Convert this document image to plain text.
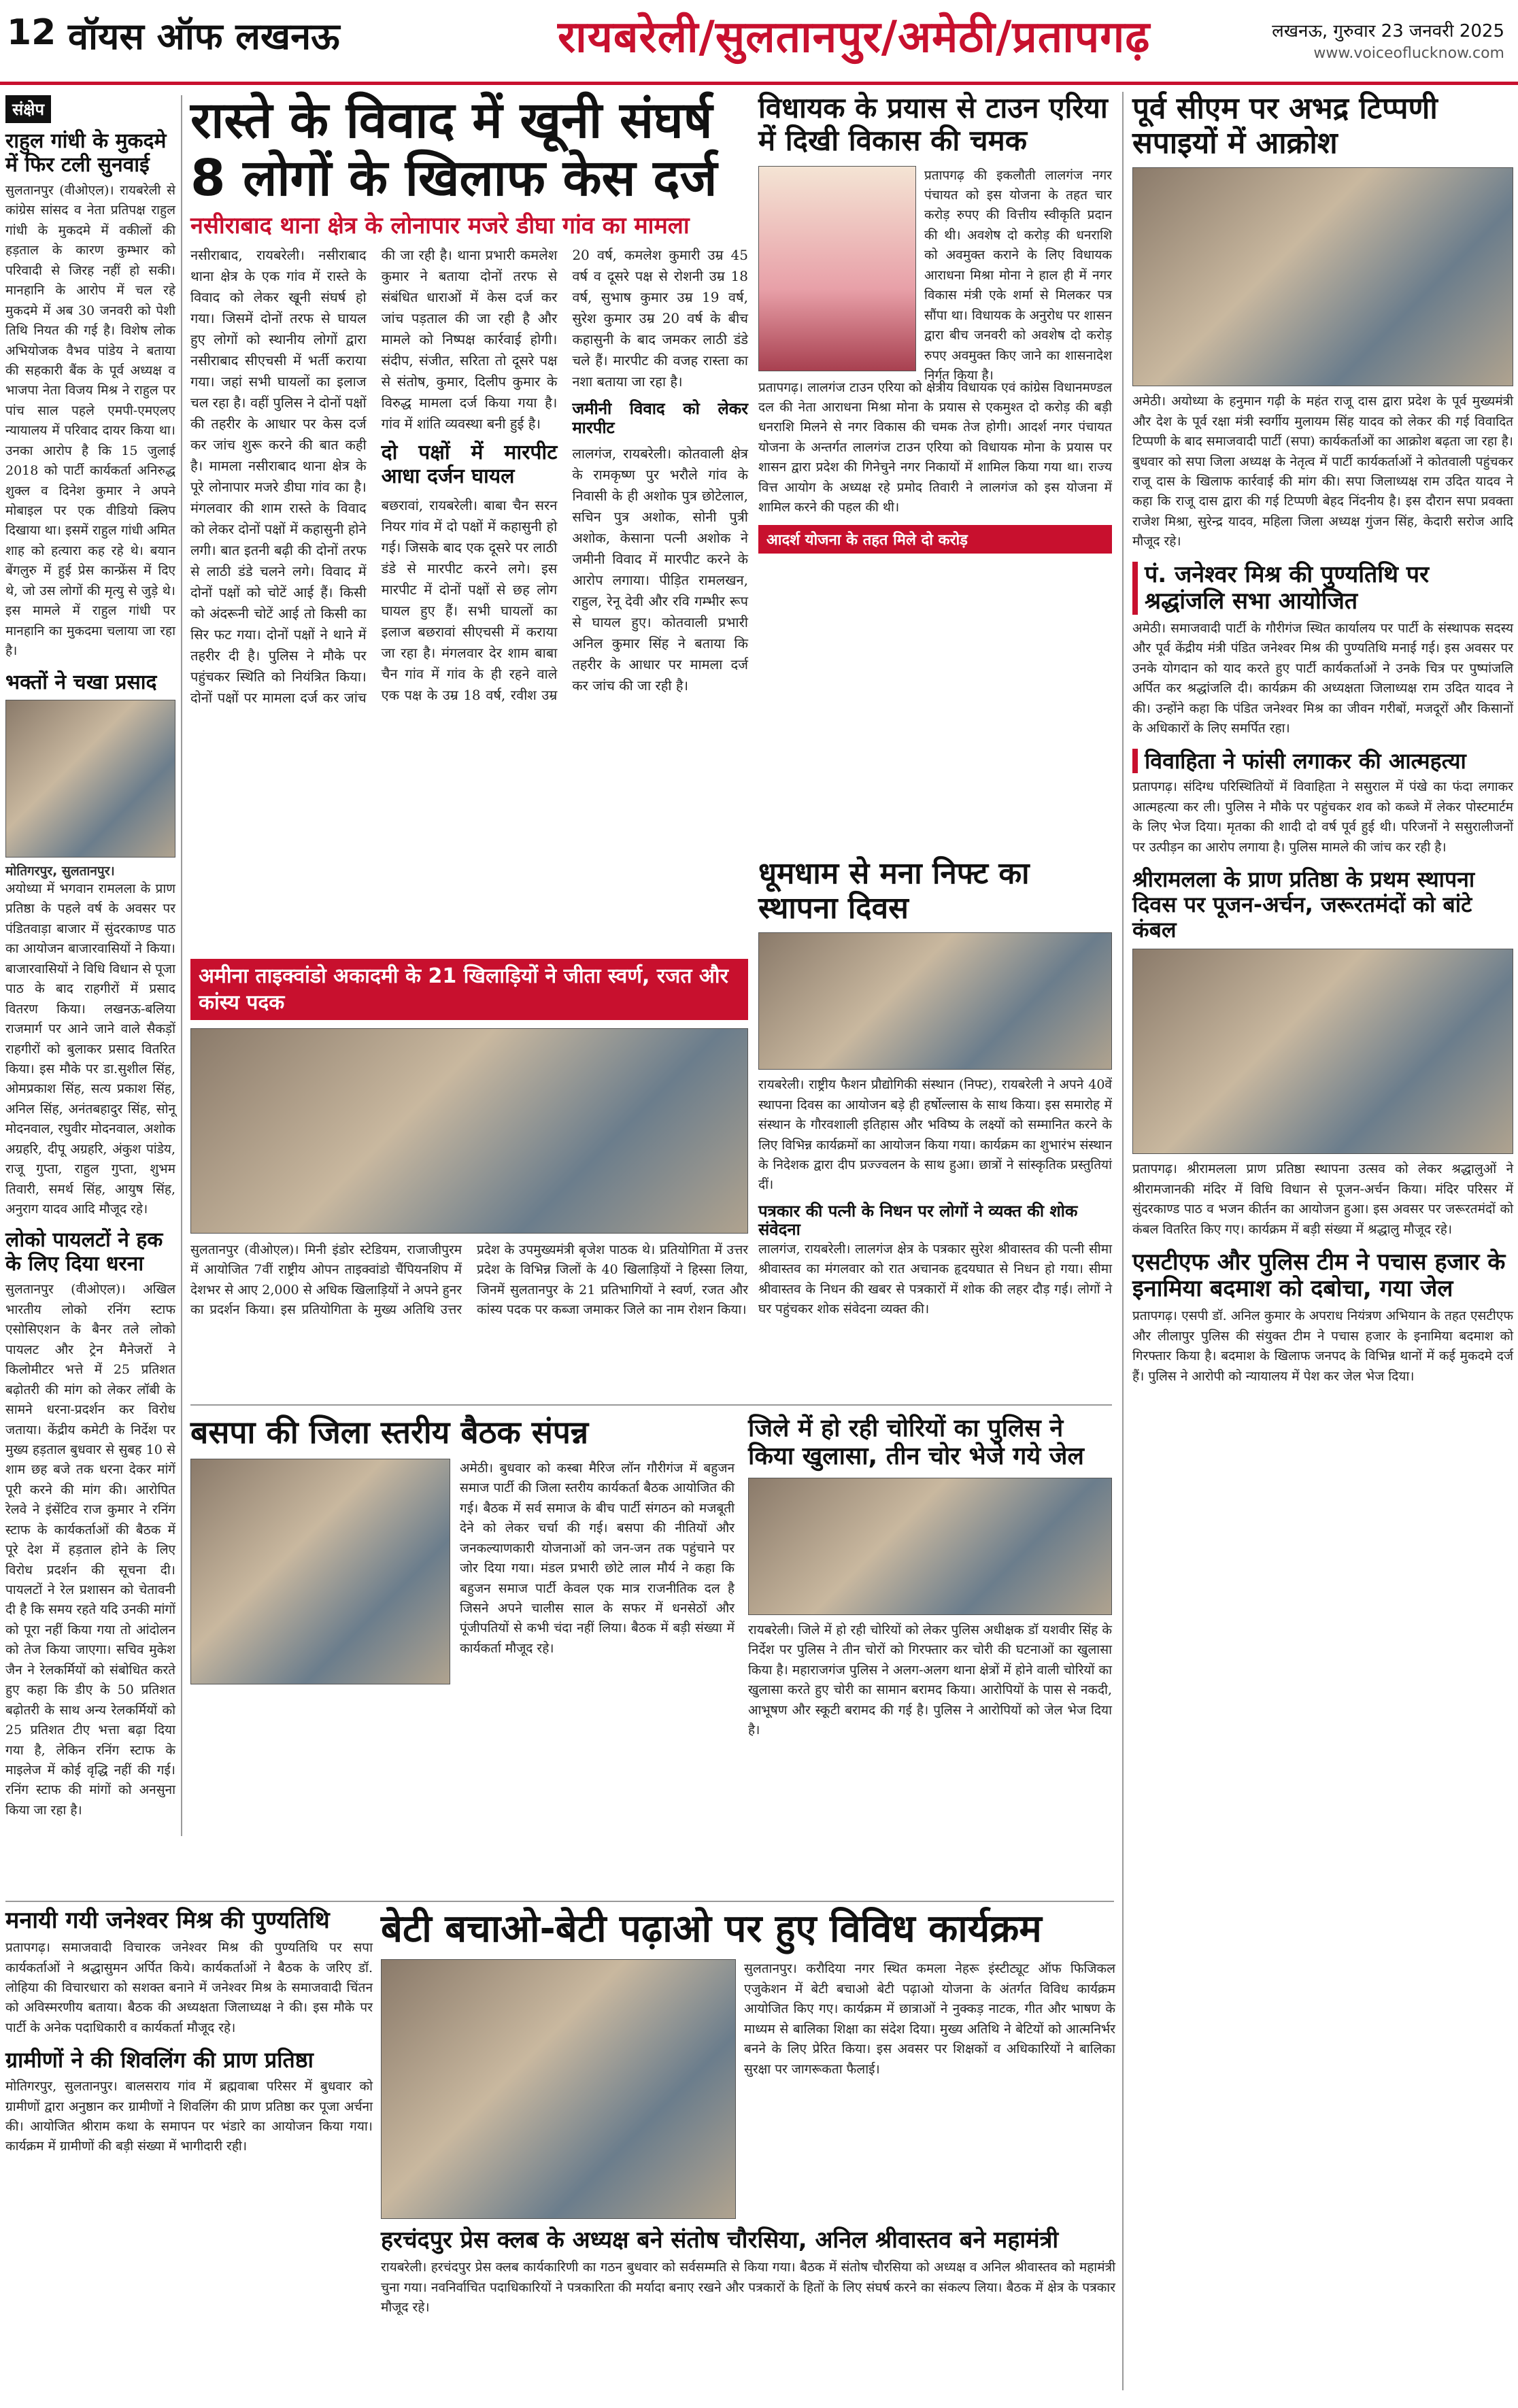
12 वॉयस ऑफ लखनऊ	रायबरेली/सुलतानपुर/अमेठी/प्रतापगढ़	लखनऊ, गुरुवार 23 जनवरी 2025
www.voiceoflucknow.com
संक्षेप
राहुल गांधी के मुकदमे में फिर टली सुनवाई
सुलतानपुर (वीओएल)। रायबरेली से कांग्रेस सांसद व नेता प्रतिपक्ष राहुल गांधी के मुकदमे में वकीलों की हड़ताल के कारण कुम्भार को परिवादी से जिरह नहीं हो सकी। मानहानि के आरोप में चल रहे मुकदमे में अब 30 जनवरी को पेशी तिथि नियत की गई है। विशेष लोक अभियोजक वैभव पांडेय ने बताया की सहकारी बैंक के पूर्व अध्यक्ष व भाजपा नेता विजय मिश्र ने राहुल पर पांच साल पहले एमपी-एमएलए न्यायालय में परिवाद दायर किया था। उनका आरोप है कि 15 जुलाई 2018 को पार्टी कार्यकर्ता अनिरुद्ध शुक्ल व दिनेश कुमार ने अपने मोबाइल पर एक वीडियो क्लिप दिखाया था। इसमें राहुल गांधी अमित शाह को हत्यारा कह रहे थे। बयान बेंगलुरु में हुई प्रेस कान्फ्रेंस में दिए थे, जो उस लोगों की मृत्यु से जुड़े थे। इस मामले में राहुल गांधी पर मानहानि का मुकदमा चलाया जा रहा है।
भक्तों ने चखा प्रसाद
मोतिगरपुर, सुलतानपुर।
अयोध्या में भगवान रामलला के प्राण प्रतिष्ठा के पहले वर्ष के अवसर पर पंडितवाड़ा बाजार में सुंदरकाण्ड पाठ का आयोजन बाजारवासियों ने किया। बाजारवासियों ने विधि विधान से पूजा पाठ के बाद राहगीरों में प्रसाद वितरण किया। लखनऊ-बलिया राजमार्ग पर आने जाने वाले सैकड़ों राहगीरों को बुलाकर प्रसाद वितरित किया। इस मौके पर डा.सुशील सिंह, ओमप्रकाश सिंह, सत्य प्रकाश सिंह, अनिल सिंह, अनंतबहादुर सिंह, सोनू मोदनवाल, रघुवीर मोदनवाल, अशोक अग्रहरि, दीपू अग्रहरि, अंकुश पांडेय, राजू गुप्ता, राहुल गुप्ता, शुभम तिवारी, समर्थ सिंह, आयुष सिंह, अनुराग यादव आदि मौजूद रहे।
लोको पायलटों ने हक के लिए दिया धरना
सुलतानपुर (वीओएल)। अखिल भारतीय लोको रनिंग स्टाफ एसोसिएशन के बैनर तले लोको पायलट और ट्रेन मैनेजरों ने किलोमीटर भत्ते में 25 प्रतिशत बढ़ोतरी की मांग को लेकर लॉबी के सामने धरना-प्रदर्शन कर विरोध जताया। केंद्रीय कमेटी के निर्देश पर मुख्य हड़ताल बुधवार से सुबह 10 से शाम छह बजे तक धरना देकर मांगें पूरी करने की मांग की। आरोपित रेलवे ने इंसेंटिव राज कुमार ने रनिंग स्टाफ के कार्यकर्ताओं की बैठक में पूरे देश में हड़ताल होने के लिए विरोध प्रदर्शन की सूचना दी। पायलटों ने रेल प्रशासन को चेतावनी दी है कि समय रहते यदि उनकी मांगों को पूरा नहीं किया गया तो आंदोलन को तेज किया जाएगा। सचिव मुकेश जैन ने रेलकर्मियों को संबोधित करते हुए कहा कि डीए के 50 प्रतिशत बढ़ोतरी के साथ अन्य रेलकर्मियों को 25 प्रतिशत टीए भत्ता बढ़ा दिया गया है, लेकिन रनिंग स्टाफ के माइलेज में कोई वृद्धि नहीं की गई। रनिंग स्टाफ की मांगों को अनसुना किया जा रहा है।
रास्ते के विवाद में खूनी संघर्ष
8 लोगों के खिलाफ केस दर्ज
नसीराबाद थाना क्षेत्र के लोनापार मजरे डीघा गांव का मामला
नसीराबाद, रायबरेली। नसीराबाद थाना क्षेत्र के एक गांव में रास्ते के विवाद को लेकर खूनी संघर्ष हो गया। जिसमें दोनों तरफ से घायल हुए लोगों को स्थानीय लोगों द्वारा नसीराबाद सीएचसी में भर्ती कराया गया। जहां सभी घायलों का इलाज चल रहा है। वहीं पुलिस ने दोनों पक्षों की तहरीर के आधार पर केस दर्ज कर जांच शुरू करने की बात कही है। मामला नसीराबाद थाना क्षेत्र के पूरे लोनापार मजरे डीघा गांव का है। मंगलवार की शाम रास्ते के विवाद को लेकर दोनों पक्षों में कहासुनी होने लगी। बात इतनी बढ़ी की दोनों तरफ से लाठी डंडे चलने लगे। विवाद में दोनों पक्षों को चोटें आई हैं। किसी को अंदरूनी चोटें आई तो किसी का सिर फट गया। दोनों पक्षों ने थाने में तहरीर दी है। पुलिस ने मौके पर पहुंचकर स्थिति को नियंत्रित किया। दोनों पक्षों पर मामला दर्ज कर जांच की जा रही है। थाना प्रभारी कमलेश कुमार ने बताया दोनों तरफ से संबंधित धाराओं में केस दर्ज कर जांच पड़ताल की जा रही है और मामले को निष्पक्ष कार्रवाई होगी। संदीप, संजीत, सरिता तो दूसरे पक्ष से संतोष, कुमार, दिलीप कुमार के विरुद्ध मामला दर्ज किया गया है। गांव में शांति व्यवस्था बनी हुई है।
दो पक्षों में मारपीट आधा दर्जन घायल
बछरावां, रायबरेली। बाबा चैन सरन नियर गांव में दो पक्षों में कहासुनी हो गई। जिसके बाद एक दूसरे पर लाठी डंडे से मारपीट करने लगे। इस मारपीट में दोनों पक्षों से छह लोग घायल हुए हैं। सभी घायलों का इलाज बछरावां सीएचसी में कराया जा रहा है। मंगलवार देर शाम बाबा चैन गांव में गांव के ही रहने वाले एक पक्ष के उम्र 18 वर्ष, रवीश उम्र 20 वर्ष, कमलेश कुमारी उम्र 45 वर्ष व दूसरे पक्ष से रोशनी उम्र 18 वर्ष, सुभाष कुमार उम्र 19 वर्ष, सुरेश कुमार उम्र 20 वर्ष के बीच कहासुनी के बाद जमकर लाठी डंडे चले हैं। मारपीट की वजह रास्ता का नशा बताया जा रहा है।
जमीनी विवाद को लेकर मारपीट
लालगंज, रायबरेली। कोतवाली क्षेत्र के रामकृष्ण पुर भरौले गांव के निवासी के ही अशोक पुत्र छोटेलाल, सचिन पुत्र अशोक, सोनी पुत्री अशोक, केसाना पत्नी अशोक ने जमीनी विवाद में मारपीट करने के आरोप लगाया। पीड़ित रामलखन, राहुल, रेनू देवी और रवि गम्भीर रूप से घायल हुए। कोतवाली प्रभारी अनिल कुमार सिंह ने बताया कि तहरीर के आधार पर मामला दर्ज कर जांच की जा रही है।
विधायक के प्रयास से टाउन एरिया में दिखी विकास की चमक
प्रतापगढ़ की इकलौती लालगंज नगर पंचायत को इस योजना के तहत चार करोड़ रुपए की वित्तीय स्वीकृति प्रदान की थी। अवशेष दो करोड़ की धनराशि को अवमुक्त कराने के लिए विधायक आराधना मिश्रा मोना ने हाल ही में नगर विकास मंत्री एके शर्मा से मिलकर पत्र सौंपा था। विधायक के अनुरोध पर शासन द्वारा बीच जनवरी को अवशेष दो करोड़ रुपए अवमुक्त किए जाने का शासनादेश निर्गत किया है।
प्रतापगढ़। लालगंज टाउन एरिया को क्षेत्रीय विधायक एवं कांग्रेस विधानमण्डल दल की नेता आराधना मिश्रा मोना के प्रयास से एकमुश्त दो करोड़ की बड़ी धनराशि मिलने से नगर विकास की चमक तेज होगी। आदर्श नगर पंचायत योजना के अन्तर्गत लालगंज टाउन एरिया को विधायक मोना के प्रयास पर शासन द्वारा प्रदेश की गिनेचुने नगर निकायों में शामिल किया गया था। राज्य वित्त आयोग के अध्यक्ष रहे प्रमोद तिवारी ने लालगंज को इस योजना में शामिल करने की पहल की थी।
आदर्श योजना के तहत मिले दो करोड़
पूर्व सीएम पर अभद्र टिप्पणी सपाइयों में आक्रोश
अमेठी। अयोध्या के हनुमान गढ़ी के महंत राजू दास द्वारा प्रदेश के पूर्व मुख्यमंत्री और देश के पूर्व रक्षा मंत्री स्वर्गीय मुलायम सिंह यादव को लेकर की गई विवादित टिप्पणी के बाद समाजवादी पार्टी (सपा) कार्यकर्ताओं का आक्रोश बढ़ता जा रहा है। बुधवार को सपा जिला अध्यक्ष के नेतृत्व में पार्टी कार्यकर्ताओं ने कोतवाली पहुंचकर राजू दास के खिलाफ कार्रवाई की मांग की। सपा जिलाध्यक्ष राम उदित यादव ने कहा कि राजू दास द्वारा की गई टिप्पणी बेहद निंदनीय है। इस दौरान सपा प्रवक्ता राजेश मिश्रा, सुरेन्द्र यादव, महिला जिला अध्यक्ष गुंजन सिंह, केदारी सरोज आदि मौजूद रहे।
पं. जनेश्वर मिश्र की पुण्यतिथि पर श्रद्धांजलि सभा आयोजित
अमेठी। समाजवादी पार्टी के गौरीगंज स्थित कार्यालय पर पार्टी के संस्थापक सदस्य और पूर्व केंद्रीय मंत्री पंडित जनेश्वर मिश्र की पुण्यतिथि मनाई गई। इस अवसर पर उनके योगदान को याद करते हुए पार्टी कार्यकर्ताओं ने उनके चित्र पर पुष्पांजलि अर्पित कर श्रद्धांजलि दी। कार्यक्रम की अध्यक्षता जिलाध्यक्ष राम उदित यादव ने की। उन्होंने कहा कि पंडित जनेश्वर मिश्र का जीवन गरीबों, मजदूरों और किसानों के अधिकारों के लिए समर्पित रहा।
विवाहिता ने फांसी लगाकर की आत्महत्या
प्रतापगढ़। संदिग्ध परिस्थितियों में विवाहिता ने ससुराल में पंखे का फंदा लगाकर आत्महत्या कर ली। पुलिस ने मौके पर पहुंचकर शव को कब्जे में लेकर पोस्टमार्टम के लिए भेज दिया। मृतका की शादी दो वर्ष पूर्व हुई थी। परिजनों ने ससुरालीजनों पर उत्पीड़न का आरोप लगाया है। पुलिस मामले की जांच कर रही है।
श्रीरामलला के प्राण प्रतिष्ठा के प्रथम स्थापना दिवस पर पूजन-अर्चन, जरूरतमंदों को बांटे कंबल
प्रतापगढ़। श्रीरामलला प्राण प्रतिष्ठा स्थापना उत्सव को लेकर श्रद्धालुओं ने श्रीरामजानकी मंदिर में विधि विधान से पूजन-अर्चन किया। मंदिर परिसर में सुंदरकाण्ड पाठ व भजन कीर्तन का आयोजन हुआ। इस अवसर पर जरूरतमंदों को कंबल वितरित किए गए। कार्यक्रम में बड़ी संख्या में श्रद्धालु मौजूद रहे।
एसटीएफ और पुलिस टीम ने पचास हजार के इनामिया बदमाश को दबोचा, गया जेल
प्रतापगढ़। एसपी डॉ. अनिल कुमार के अपराध नियंत्रण अभियान के तहत एसटीएफ और लीलापुर पुलिस की संयुक्त टीम ने पचास हजार के इनामिया बदमाश को गिरफ्तार किया है। बदमाश के खिलाफ जनपद के विभिन्न थानों में कई मुकदमे दर्ज हैं। पुलिस ने आरोपी को न्यायालय में पेश कर जेल भेज दिया।
अमीना ताइक्वांडो अकादमी के 21 खिलाड़ियों ने जीता स्वर्ण, रजत और कांस्य पदक
सुलतानपुर (वीओएल)। मिनी इंडोर स्टेडियम, राजाजीपुरम में आयोजित 7वीं राष्ट्रीय ओपन ताइक्वांडो चैंपियनशिप में देशभर से आए 2,000 से अधिक खिलाड़ियों ने अपने हुनर का प्रदर्शन किया। इस प्रतियोगिता के मुख्य अतिथि उत्तर प्रदेश के उपमुख्यमंत्री बृजेश पाठक थे। प्रतियोगिता में उत्तर प्रदेश के विभिन्न जिलों के 40 खिलाड़ियों ने हिस्सा लिया, जिनमें सुलतानपुर के 21 प्रतिभागियों ने स्वर्ण, रजत और कांस्य पदक पर कब्जा जमाकर जिले का नाम रोशन किया।
धूमधाम से मना निफ्ट का स्थापना दिवस
रायबरेली। राष्ट्रीय फैशन प्रौद्योगिकी संस्थान (निफ्ट), रायबरेली ने अपने 40वें स्थापना दिवस का आयोजन बड़े ही हर्षोल्लास के साथ किया। इस समारोह में संस्थान के गौरवशाली इतिहास और भविष्य के लक्ष्यों को सम्मानित करने के लिए विभिन्न कार्यक्रमों का आयोजन किया गया। कार्यक्रम का शुभारंभ संस्थान के निदेशक द्वारा दीप प्रज्ज्वलन के साथ हुआ। छात्रों ने सांस्कृतिक प्रस्तुतियां दीं।
पत्रकार की पत्नी के निधन पर लोगों ने व्यक्त की शोक संवेदना
लालगंज, रायबरेली। लालगंज क्षेत्र के पत्रकार सुरेश श्रीवास्तव की पत्नी सीमा श्रीवास्तव का मंगलवार को रात अचानक हृदयघात से निधन हो गया। सीमा श्रीवास्तव के निधन की खबर से पत्रकारों में शोक की लहर दौड़ गई। लोगों ने घर पहुंचकर शोक संवेदना व्यक्त की।
बसपा की जिला स्तरीय बैठक संपन्न
अमेठी। बुधवार को कस्बा मैरिज लॉन गौरीगंज में बहुजन समाज पार्टी की जिला स्तरीय कार्यकर्ता बैठक आयोजित की गई। बैठक में सर्व समाज के बीच पार्टी संगठन को मजबूती देने को लेकर चर्चा की गई। बसपा की नीतियों और जनकल्याणकारी योजनाओं को जन-जन तक पहुंचाने पर जोर दिया गया। मंडल प्रभारी छोटे लाल मौर्य ने कहा कि बहुजन समाज पार्टी केवल एक मात्र राजनीतिक दल है जिसने अपने चालीस साल के सफर में धनसेठों और पूंजीपतियों से कभी चंदा नहीं लिया। बैठक में बड़ी संख्या में कार्यकर्ता मौजूद रहे।
जिले में हो रही चोरियों का पुलिस ने किया खुलासा, तीन चोर भेजे गये जेल
रायबरेली। जिले में हो रही चोरियों को लेकर पुलिस अधीक्षक डॉ यशवीर सिंह के निर्देश पर पुलिस ने तीन चोरों को गिरफ्तार कर चोरी की घटनाओं का खुलासा किया है। महाराजगंज पुलिस ने अलग-अलग थाना क्षेत्रों में होने वाली चोरियों का खुलासा करते हुए चोरी का सामान बरामद किया। आरोपियों के पास से नकदी, आभूषण और स्कूटी बरामद की गई है। पुलिस ने आरोपियों को जेल भेज दिया है।
मनायी गयी जनेश्वर मिश्र की पुण्यतिथि
प्रतापगढ़। समाजवादी विचारक जनेश्वर मिश्र की पुण्यतिथि पर सपा कार्यकर्ताओं ने श्रद्धासुमन अर्पित किये। कार्यकर्ताओं ने बैठक के जरिए डॉ. लोहिया की विचारधारा को सशक्त बनाने में जनेश्वर मिश्र के समाजवादी चिंतन को अविस्मरणीय बताया। बैठक की अध्यक्षता जिलाध्यक्ष ने की। इस मौके पर पार्टी के अनेक पदाधिकारी व कार्यकर्ता मौजूद रहे।
ग्रामीणों ने की शिवलिंग की प्राण प्रतिष्ठा
मोतिगरपुर, सुलतानपुर। बालसराय गांव में ब्रह्मवाबा परिसर में बुधवार को ग्रामीणों द्वारा अनुष्ठान कर ग्रामीणों ने शिवलिंग की प्राण प्रतिष्ठा कर पूजा अर्चना की। आयोजित श्रीराम कथा के समापन पर भंडारे का आयोजन किया गया। कार्यक्रम में ग्रामीणों की बड़ी संख्या में भागीदारी रही।
बेटी बचाओ-बेटी पढ़ाओ पर हुए विविध कार्यक्रम
सुलतानपुर। करौदिया नगर स्थित कमला नेहरू इंस्टीट्यूट ऑफ फिजिकल एजुकेशन में बेटी बचाओ बेटी पढ़ाओ योजना के अंतर्गत विविध कार्यक्रम आयोजित किए गए। कार्यक्रम में छात्राओं ने नुक्कड़ नाटक, गीत और भाषण के माध्यम से बालिका शिक्षा का संदेश दिया। मुख्य अतिथि ने बेटियों को आत्मनिर्भर बनने के लिए प्रेरित किया। इस अवसर पर शिक्षकों व अधिकारियों ने बालिका सुरक्षा पर जागरूकता फैलाई।
हरचंदपुर प्रेस क्लब के अध्यक्ष बने संतोष चौरसिया, अनिल श्रीवास्तव बने महामंत्री
रायबरेली। हरचंदपुर प्रेस क्लब कार्यकारिणी का गठन बुधवार को सर्वसम्मति से किया गया। बैठक में संतोष चौरसिया को अध्यक्ष व अनिल श्रीवास्तव को महामंत्री चुना गया। नवनिर्वाचित पदाधिकारियों ने पत्रकारिता की मर्यादा बनाए रखने और पत्रकारों के हितों के लिए संघर्ष करने का संकल्प लिया। बैठक में क्षेत्र के पत्रकार मौजूद रहे।
